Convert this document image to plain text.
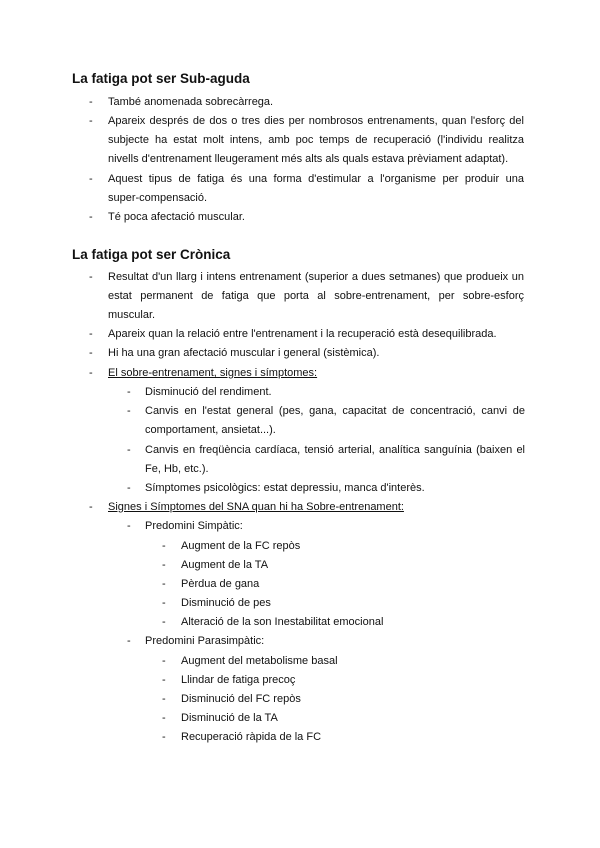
La fatiga pot ser Sub-aguda
- També anomenada sobrecàrrega.
- Apareix després de dos o tres dies per nombrosos entrenaments, quan l'esforç del
subjecte ha estat molt intens, amb poc temps de recuperació (l'individu realitza
nivells d'entrenament lleugerament més alts als quals estava prèviament adaptat).
- Aquest tipus de fatiga és una forma d'estimular a l'organisme per produir una
super-compensació.
- Té poca afectació muscular.
La fatiga pot ser Crònica
- Resultat d'un llarg i intens entrenament (superior a dues setmanes) que produeix un
estat permanent de fatiga que porta al sobre-entrenament, per sobre-esforç
muscular.
- Apareix quan la relació entre l'entrenament i la recuperació està desequilibrada.
- Hi ha una gran afectació muscular i general (sistèmica).
- El sobre-entrenament, signes i símptomes:
- Disminució del rendiment.
- Canvis en l'estat general (pes, gana, capacitat de concentració, canvi de
comportament, ansietat...).
- Canvis en freqüència cardíaca, tensió arterial, analítica sanguínia (baixen el
Fe, Hb, etc.).
- Símptomes psicològics: estat depressiu, manca d'interès.
- Signes i Símptomes del SNA quan hi ha Sobre-entrenament:
- Predomini Simpàtic:
- Augment de la FC repòs
- Augment de la TA
- Pèrdua de gana
- Disminució de pes
- Alteració de la son Inestabilitat emocional
- Predomini Parasimpàtic:
- Augment del metabolisme basal
- Llindar de fatiga precoç
- Disminució del FC repòs
- Disminució de la TA
- Recuperació ràpida de la FC
